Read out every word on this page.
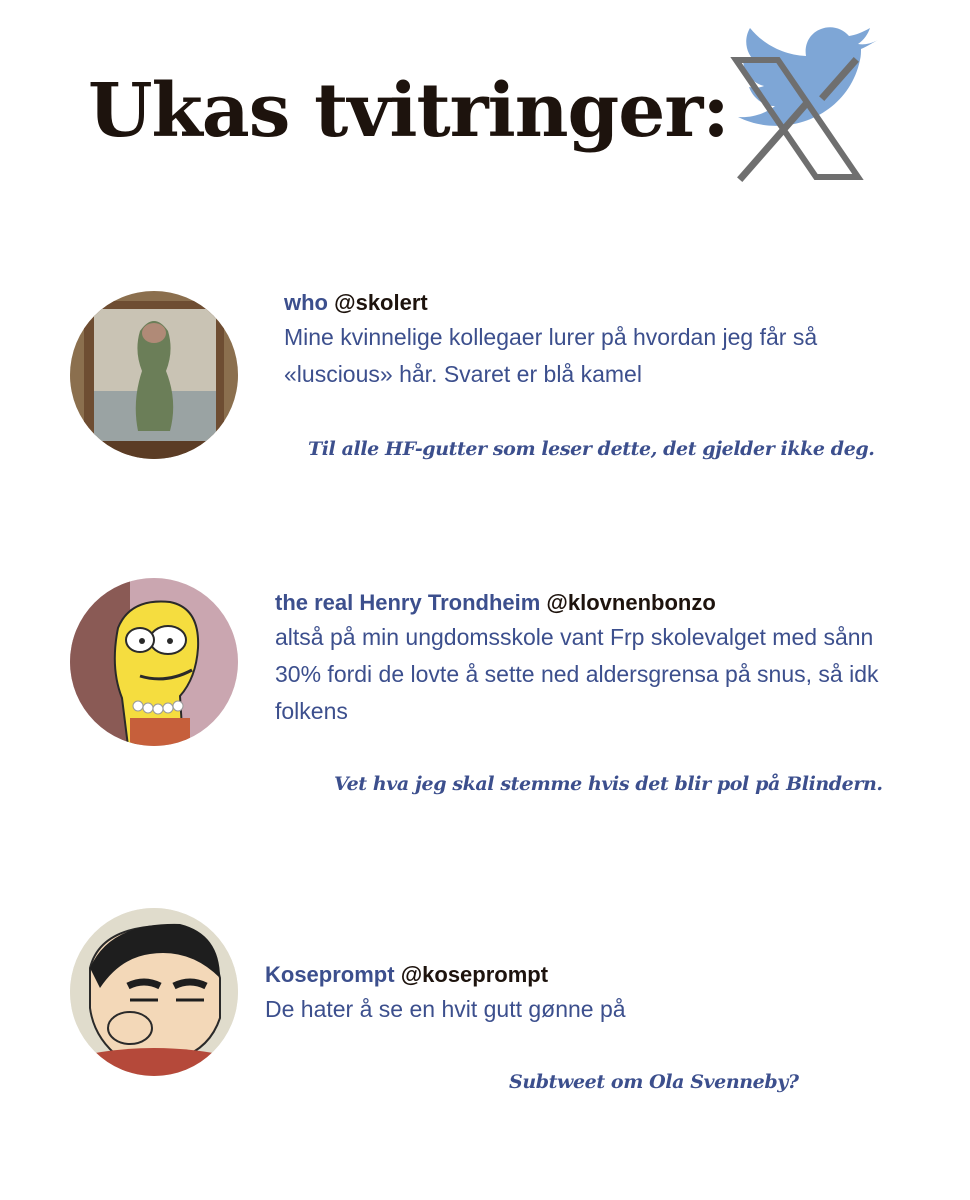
Ukas tvitringer:
who @skolert
Mine kvinnelige kollegaer lurer på hvordan jeg får så «luscious» hår. Svaret er blå kamel
Til alle HF-gutter som leser dette, det gjelder ikke deg.
the real Henry Trondheim @klovnenbonzo
altså på min ungdomsskole vant Frp skolevalget med sånn 30% fordi de lovte å sette ned aldersgrensa på snus, så idk folkens
Vet hva jeg skal stemme hvis det blir pol på Blindern.
Koseprompt @koseprompt
De hater å se en hvit gutt gønne på
Subtweet om Ola Svenneby?
